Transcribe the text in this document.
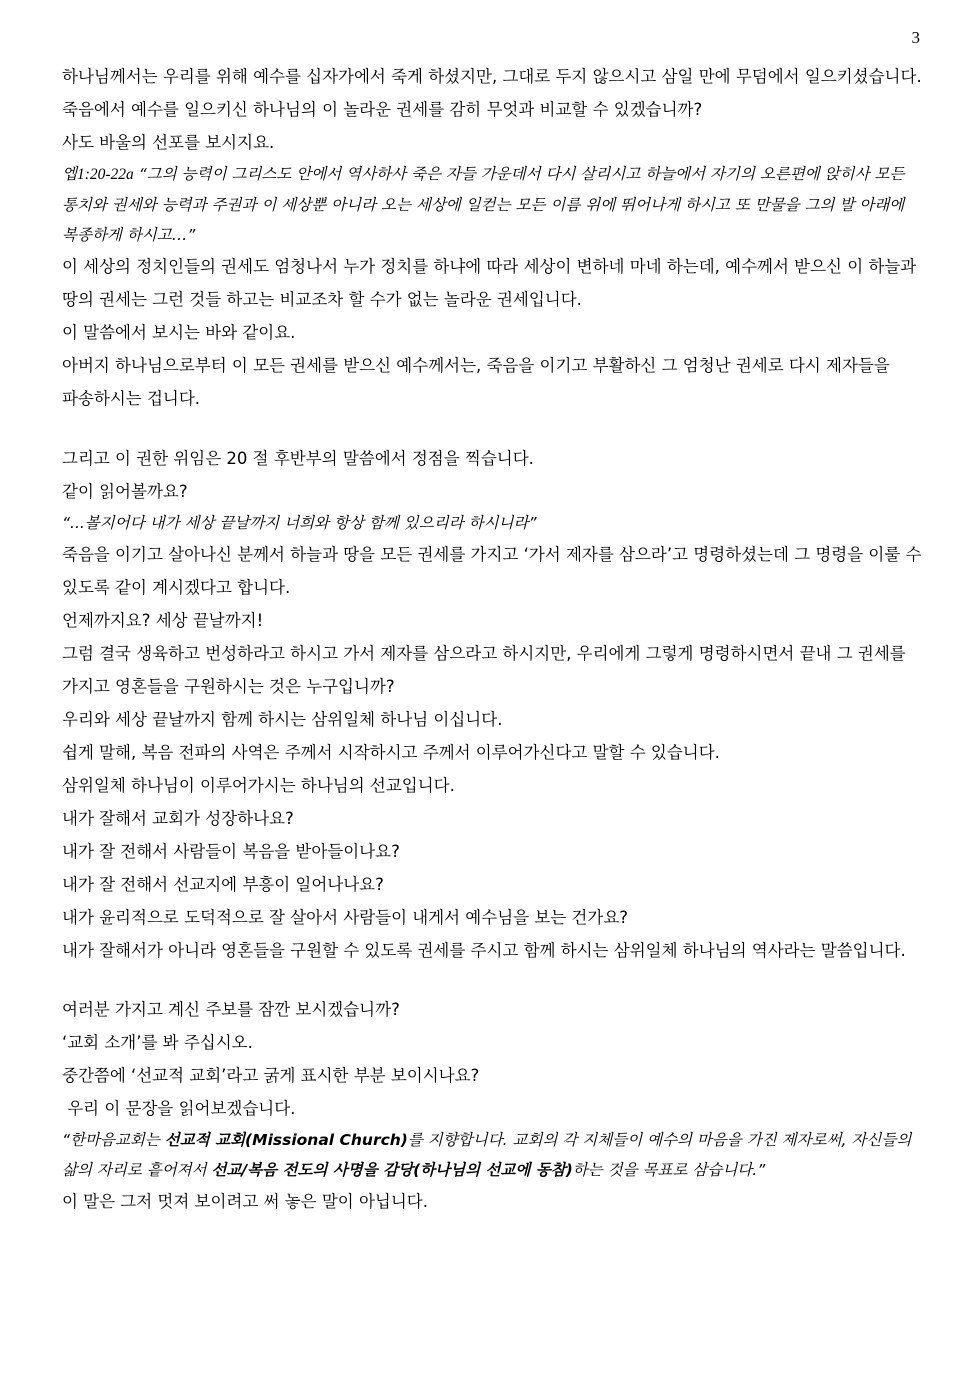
3

하나님께서는 우리를 위해 예수를 십자가에서 죽게 하셨지만, 그대로 두지 않으시고 삼일 만에 무덤에서 일으키셨습니다.

죽음에서 예수를 일으키신 하나님의 이 놀라운 권세를 감히 무엇과 비교할 수 있겠습니까?

사도 바울의 선포를 보시지요.

엡1:20-22a “그의 능력이 그리스도 안에서 역사하사 죽은 자들 가운데서 다시 살리시고 하늘에서 자기의 오른편에 앉히사 모든 통치와 권세와 능력과 주권과 이 세상뿐 아니라 오는 세상에 일컫는 모든 이름 위에 뛰어나게 하시고 또 만물을 그의 발 아래에 복종하게 하시고…”

이 세상의 정치인들의 권세도 엄청나서 누가 정치를 하냐에 따라 세상이 변하네 마네 하는데, 예수께서 받으신 이 하늘과 땅의 권세는 그런 것들 하고는 비교조차 할 수가 없는 놀라운 권세입니다.

이 말씀에서 보시는 바와 같이요.

아버지 하나님으로부터 이 모든 권세를 받으신 예수께서는, 죽음을 이기고 부활하신 그 엄청난 권세로 다시 제자들을 파송하시는 겁니다.

그리고 이 권한 위임은 20 절 후반부의 말씀에서 정점을 찍습니다.

같이 읽어볼까요?

“...볼지어다 내가 세상 끝날까지 너희와 항상 함께 있으리라 하시니라”

죽음을 이기고 살아나신 분께서 하늘과 땅을 모든 권세를 가지고 ‘가서 제자를 삼으라’고 명령하셨는데 그 명령을 이룰 수 있도록 같이 계시겠다고 합니다.

언제까지요? 세상 끝날까지!

그럼 결국 생육하고 번성하라고 하시고 가서 제자를 삼으라고 하시지만, 우리에게 그렇게 명령하시면서 끝내 그 권세를 가지고 영혼들을 구원하시는 것은 누구입니까?

우리와 세상 끝날까지 함께 하시는 삼위일체 하나님 이십니다.

쉽게 말해, 복음 전파의 사역은 주께서 시작하시고 주께서 이루어가신다고 말할 수 있습니다.

삼위일체 하나님이 이루어가시는 하나님의 선교입니다.

내가 잘해서 교회가 성장하나요?

내가 잘 전해서 사람들이 복음을 받아들이나요?

내가 잘 전해서 선교지에 부흥이 일어나나요?

내가 윤리적으로 도덕적으로 잘 살아서 사람들이 내게서 예수님을 보는 건가요?

내가 잘해서가 아니라 영혼들을 구원할 수 있도록 권세를 주시고 함께 하시는 삼위일체 하나님의 역사라는 말씀입니다.

여러분 가지고 계신 주보를 잠깐 보시겠습니까?

‘교회 소개’를 봐 주십시오.

중간쯤에 ‘선교적 교회’라고 굵게 표시한 부분 보이시나요?

우리 이 문장을 읽어보겠습니다.

“한마음교회는 선교적 교회(Missional Church)를 지향합니다. 교회의 각 지체들이 예수의 마음을 가진 제자로써, 자신들의 삶의 자리로 흩어져서 선교/복음 전도의 사명을 감당(하나님의 선교에 동참)하는 것을 목표로 삼습니다.”

이 말은 그저 멋져 보이려고 써 놓은 말이 아닙니다.
